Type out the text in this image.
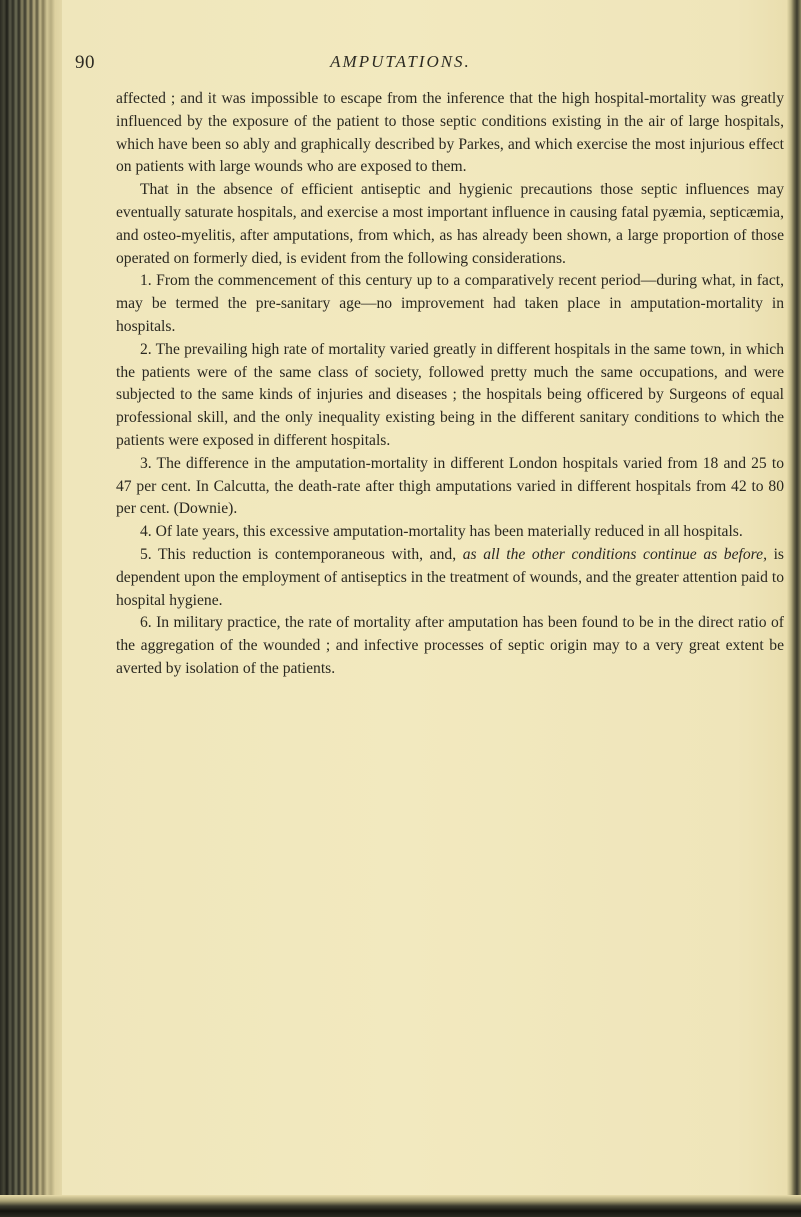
90	AMPUTATIONS.

affected ; and it was impossible to escape from the inference that the high hospital-mortality was greatly influenced by the exposure of the patient to those septic conditions existing in the air of large hospitals, which have been so ably and graphically described by Parkes, and which exercise the most injurious effect on patients with large wounds who are exposed to them.

That in the absence of efficient antiseptic and hygienic precautions those septic influences may eventually saturate hospitals, and exercise a most important influence in causing fatal pyæmia, septicæmia, and osteo-myelitis, after amputations, from which, as has already been shown, a large proportion of those operated on formerly died, is evident from the following considerations.

1. From the commencement of this century up to a comparatively recent period—during what, in fact, may be termed the pre-sanitary age—no improvement had taken place in amputation-mortality in hospitals.

2. The prevailing high rate of mortality varied greatly in different hospitals in the same town, in which the patients were of the same class of society, followed pretty much the same occupations, and were subjected to the same kinds of injuries and diseases ; the hospitals being officered by Surgeons of equal professional skill, and the only inequality existing being in the different sanitary conditions to which the patients were exposed in different hospitals.

3. The difference in the amputation-mortality in different London hospitals varied from 18 and 25 to 47 per cent. In Calcutta, the death-rate after thigh amputations varied in different hospitals from 42 to 80 per cent. (Downie).

4. Of late years, this excessive amputation-mortality has been materially reduced in all hospitals.

5. This reduction is contemporaneous with, and, as all the other conditions continue as before, is dependent upon the employment of antiseptics in the treatment of wounds, and the greater attention paid to hospital hygiene.

6. In military practice, the rate of mortality after amputation has been found to be in the direct ratio of the aggregation of the wounded ; and infective processes of septic origin may to a very great extent be averted by isolation of the patients.
